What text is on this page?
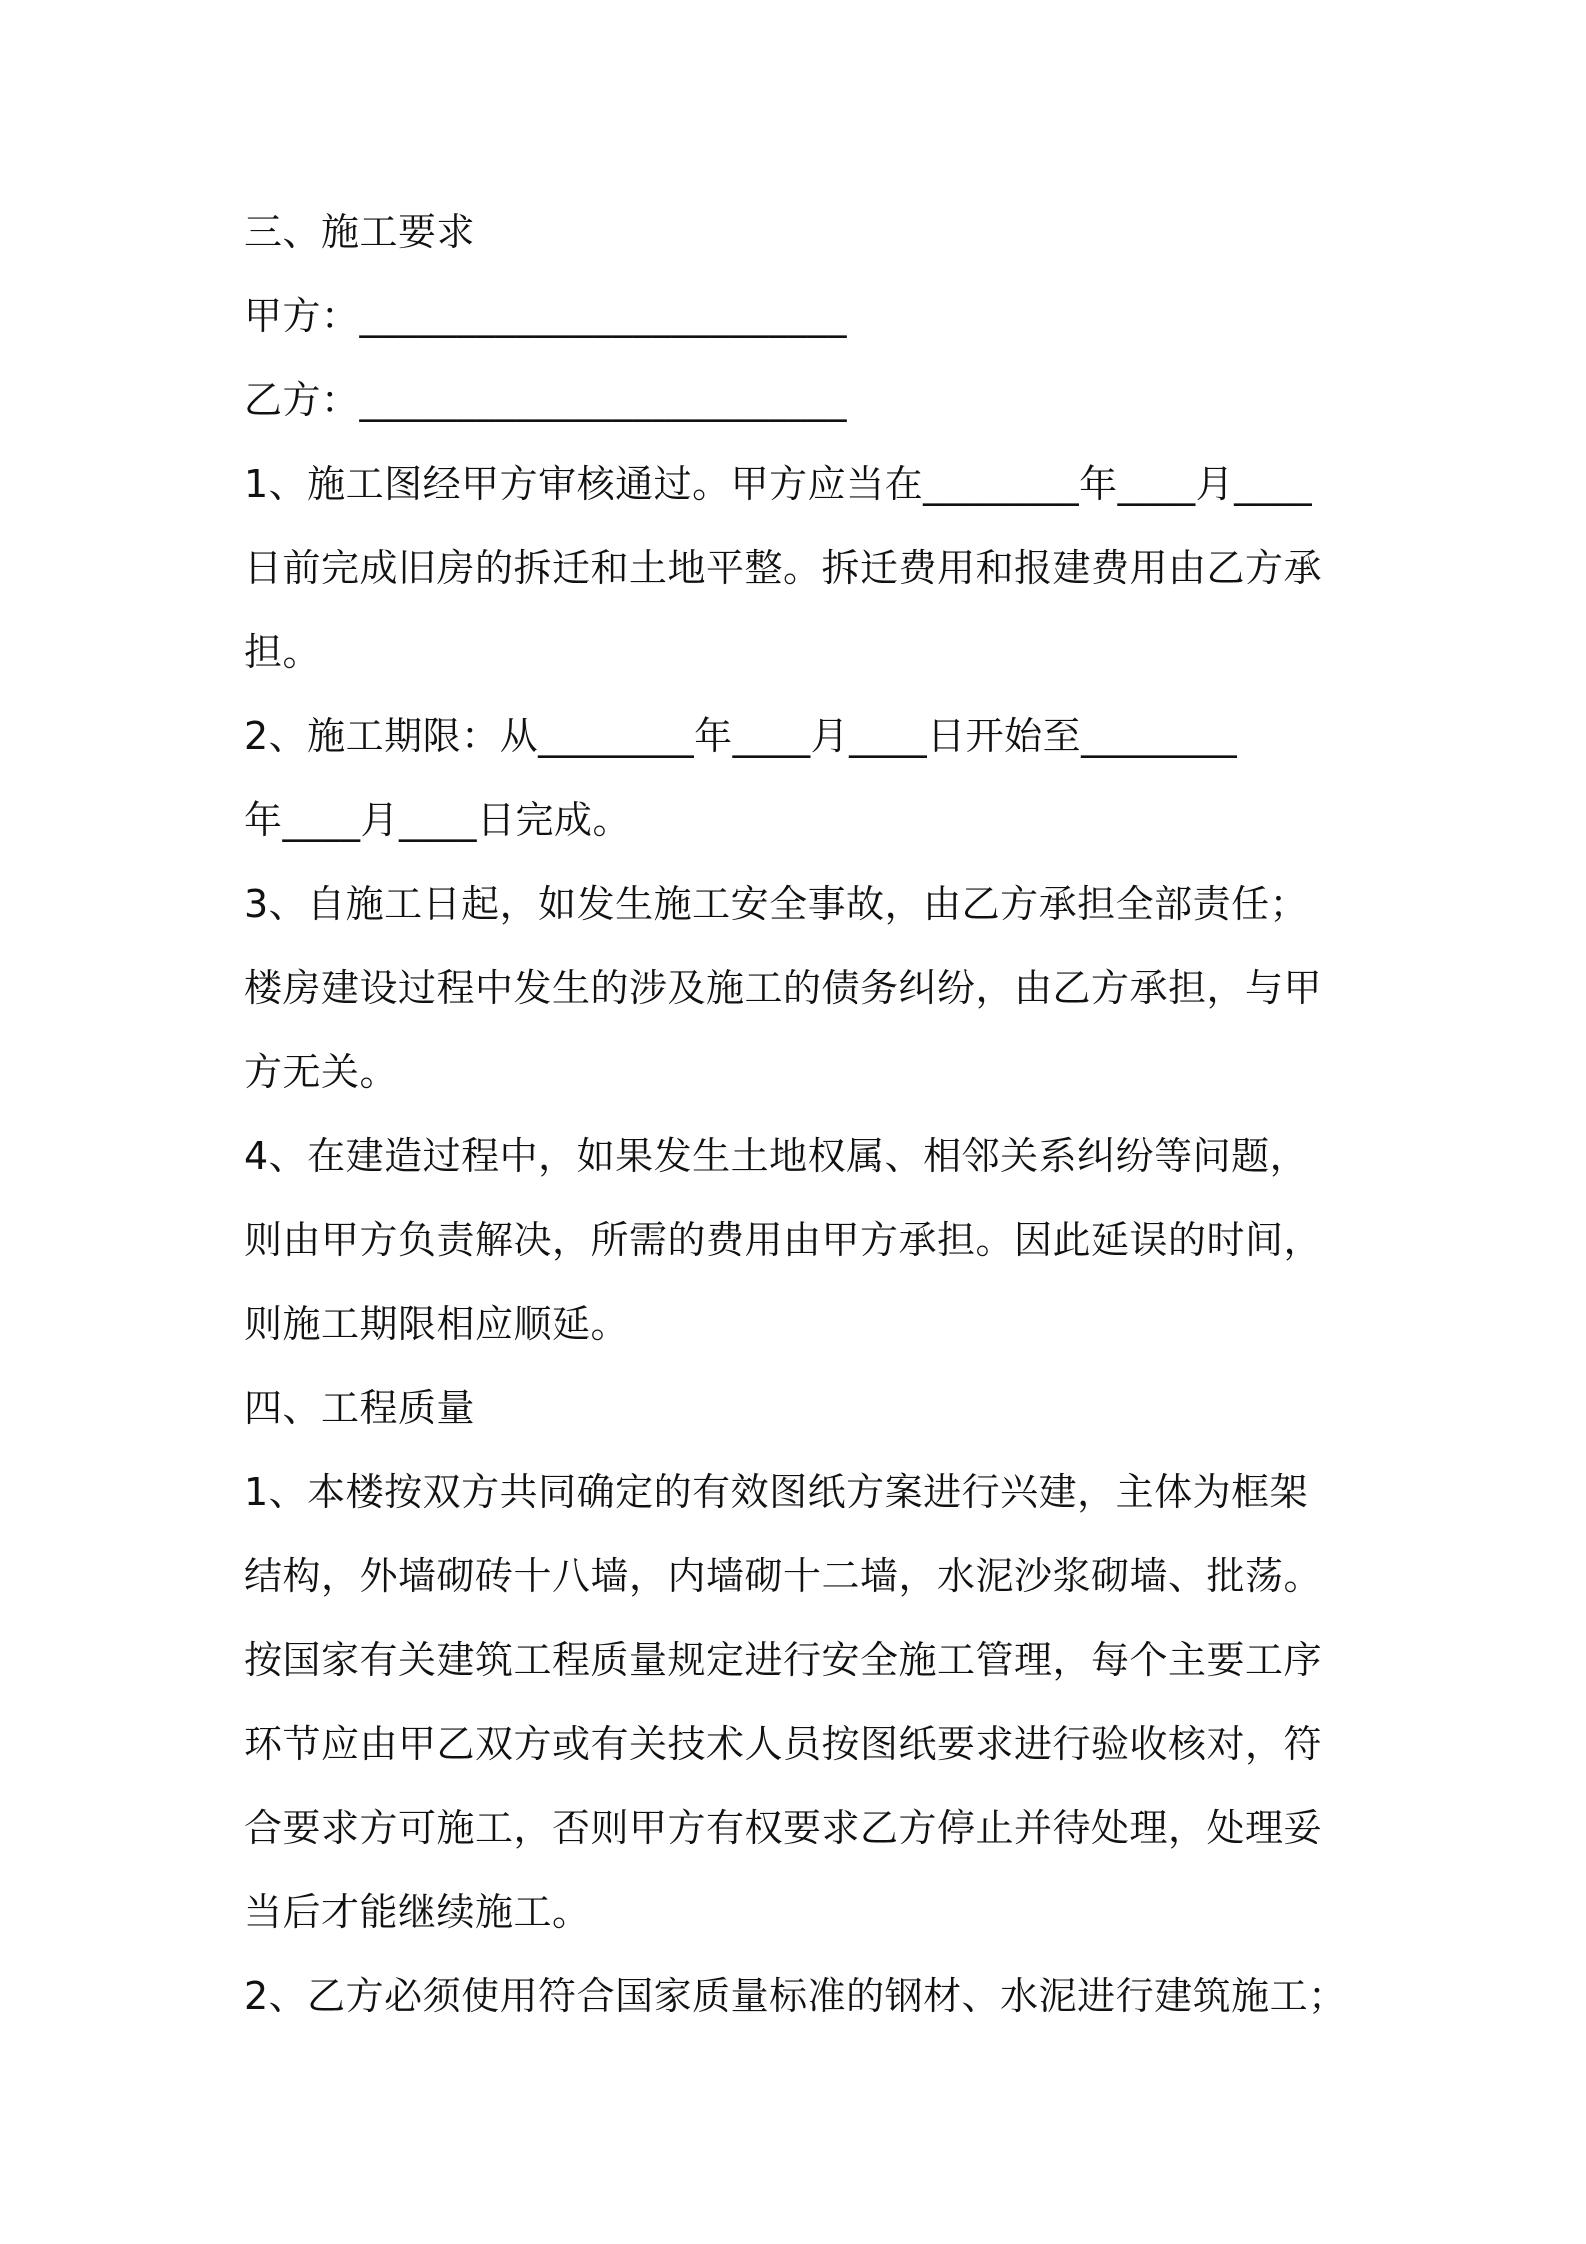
三、施工要求
甲方：_________________________
乙方：_________________________
1、施工图经甲方审核通过。甲方应当在________年____月____
日前完成旧房的拆迁和土地平整。拆迁费用和报建费用由乙方承
担。
2、施工期限：从________年____月____日开始至________
年____月____日完成。
3、自施工日起，如发生施工安全事故，由乙方承担全部责任；
楼房建设过程中发生的涉及施工的债务纠纷，由乙方承担，与甲
方无关。
4、在建造过程中，如果发生土地权属、相邻关系纠纷等问题，
则由甲方负责解决，所需的费用由甲方承担。因此延误的时间，
则施工期限相应顺延。
四、工程质量
1、本楼按双方共同确定的有效图纸方案进行兴建，主体为框架
结构，外墙砌砖十八墙，内墙砌十二墙，水泥沙浆砌墙、批荡。
按国家有关建筑工程质量规定进行安全施工管理，每个主要工序
环节应由甲乙双方或有关技术人员按图纸要求进行验收核对，符
合要求方可施工，否则甲方有权要求乙方停止并待处理，处理妥
当后才能继续施工。
2、乙方必须使用符合国家质量标准的钢材、水泥进行建筑施工；
